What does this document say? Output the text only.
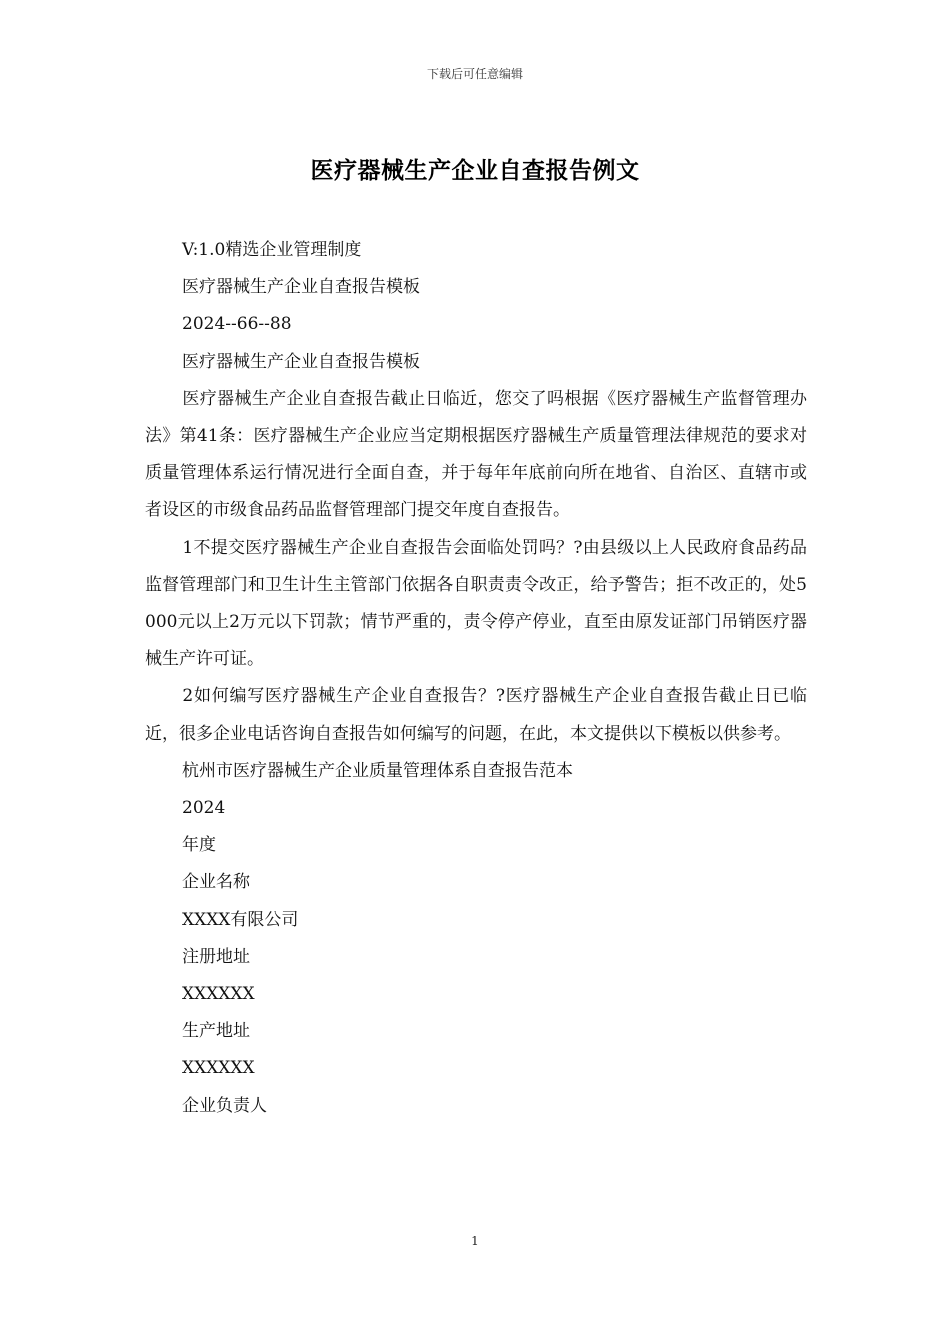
下载后可任意编辑
医疗器械生产企业自查报告例文

V:1.0精选企业管理制度

医疗器械生产企业自查报告模板

2024--66--88

医疗器械生产企业自查报告模板

医疗器械生产企业自查报告截止日临近，您交了吗根据《医疗器械生产监督管理办法》第41条：医疗器械生产企业应当定期根据医疗器械生产质量管理法律规范的要求对质量管理体系运行情况进行全面自查，并于每年年底前向所在地省、自治区、直辖市或者设区的市级食品药品监督管理部门提交年度自查报告。

1不提交医疗器械生产企业自查报告会面临处罚吗？?由县级以上人民政府食品药品监督管理部门和卫生计生主管部门依据各自职责责令改正，给予警告；拒不改正的，处5000元以上2万元以下罚款；情节严重的，责令停产停业，直至由原发证部门吊销医疗器械生产许可证。

2如何编写医疗器械生产企业自查报告？?医疗器械生产企业自查报告截止日已临近，很多企业电话咨询自查报告如何编写的问题，在此，本文提供以下模板以供参考。

杭州市医疗器械生产企业质量管理体系自查报告范本

2024

年度

企业名称

XXXX有限公司

注册地址

XXXXXX

生产地址

XXXXXX

企业负责人

1
